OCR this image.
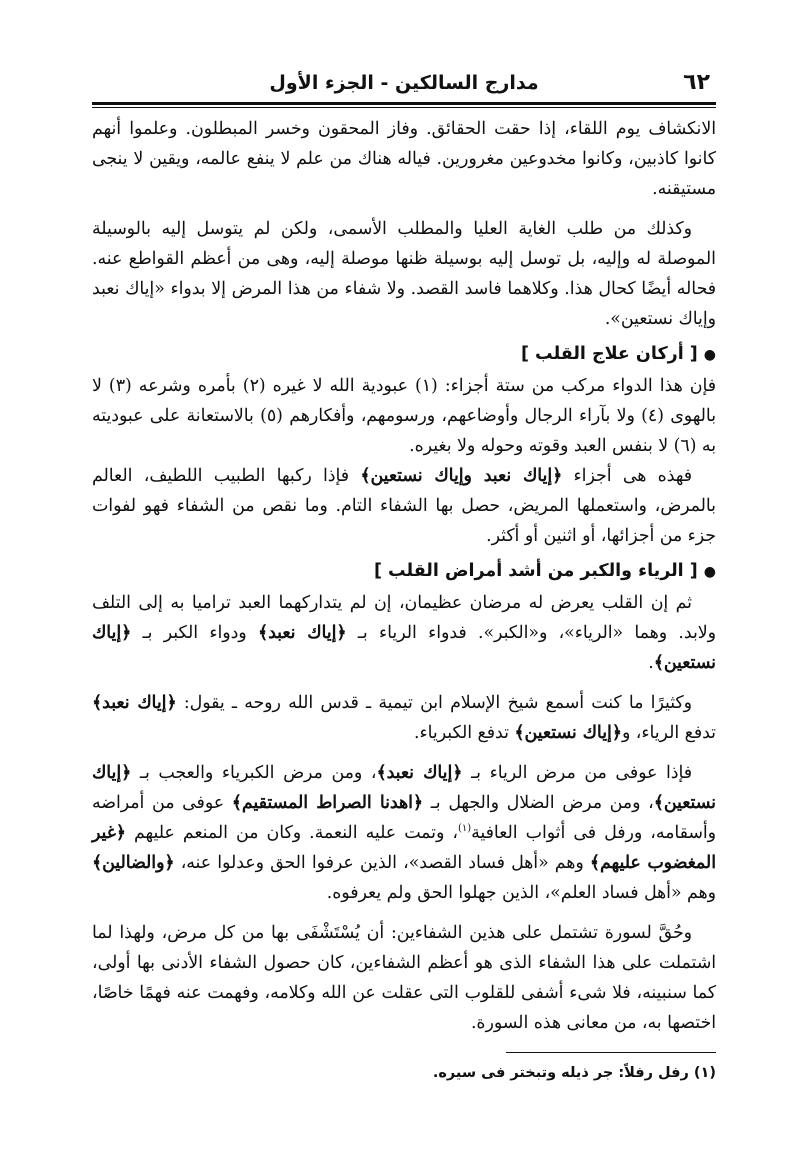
٦٢
مدارج السالكين - الجزء الأول

الانكشاف يوم اللقاء، إذا حقت الحقائق. وفاز المحقون وخسر المبطلون. وعلموا أنهم كانوا كاذبين، وكانوا مخدوعين مغرورين. فياله هناك من علم لا ينفع عالمه، ويقين لا ينجى مستيقنه.

وكذلك من طلب الغاية العليا والمطلب الأسمى، ولكن لم يتوسل إليه بالوسيلة الموصلة له وإليه، بل توسل إليه بوسيلة ظنها موصلة إليه، وهى من أعظم القواطع عنه. فحاله أيضًا كحال هذا. وكلاهما فاسد القصد. ولا شفاء من هذا المرض إلا بدواء «إياك نعبد وإياك نستعين».

●[ أركان علاج القلب ]

فإن هذا الدواء مركب من ستة أجزاء: (١) عبودية الله لا غيره (٢) بأمره وشرعه (٣) لا بالهوى (٤) ولا بآراء الرجال وأوضاعهم، ورسومهم، وأفكارهم (٥) بالاستعانة على عبوديته به (٦) لا بنفس العبد وقوته وحوله ولا بغيره.

فهذه هى أجزاء ﴿إياك نعبد وإياك نستعين﴾ فإذا ركبها الطبيب اللطيف، العالم بالمرض، واستعملها المريض، حصل بها الشفاء التام. وما نقص من الشفاء فهو لفوات جزء من أجزائها، أو اثنين أو أكثر.

●[ الرياء والكبر من أشد أمراض القلب ]

ثم إن القلب يعرض له مرضان عظيمان، إن لم يتداركهما العبد تراميا به إلى التلف ولابد. وهما «الرياء»، و«الكبر». فدواء الرياء بـ ﴿إياك نعبد﴾ ودواء الكبر بـ ﴿إياك نستعين﴾.

وكثيرًا ما كنت أسمع شيخ الإسلام ابن تيمية ـ قدس الله روحه ـ يقول: ﴿إياك نعبد﴾ تدفع الرياء، و﴿إياك نستعين﴾ تدفع الكبرياء.

فإذا عوفى من مرض الرياء بـ ﴿إياك نعبد﴾، ومن مرض الكبرياء والعجب بـ ﴿إياك نستعين﴾، ومن مرض الضلال والجهل بـ ﴿اهدنا الصراط المستقيم﴾ عوفى من أمراضه وأسقامه، ورفل فى أثواب العافية$^{(١)}$، وتمت عليه النعمة. وكان من المنعم عليهم ﴿غير المغضوب عليهم﴾ وهم «أهل فساد القصد»، الذين عرفوا الحق وعدلوا عنه، ﴿والضالين﴾ وهم «أهل فساد العلم»، الذين جهلوا الحق ولم يعرفوه.

وحُقَّ لسورة تشتمل على هذين الشفاءين: أن يُسْتَشْفَى بها من كل مرض، ولهذا لما اشتملت على هذا الشفاء الذى هو أعظم الشفاءين، كان حصول الشفاء الأدنى بها أولى، كما سنبينه، فلا شىء أشفى للقلوب التى عقلت عن الله وكلامه، وفهمت عنه فهمًا خاصًا، اختصها به، من معانى هذه السورة.

(١) رفل رفلاً: جر ذيله وتبختر فى سيره.
